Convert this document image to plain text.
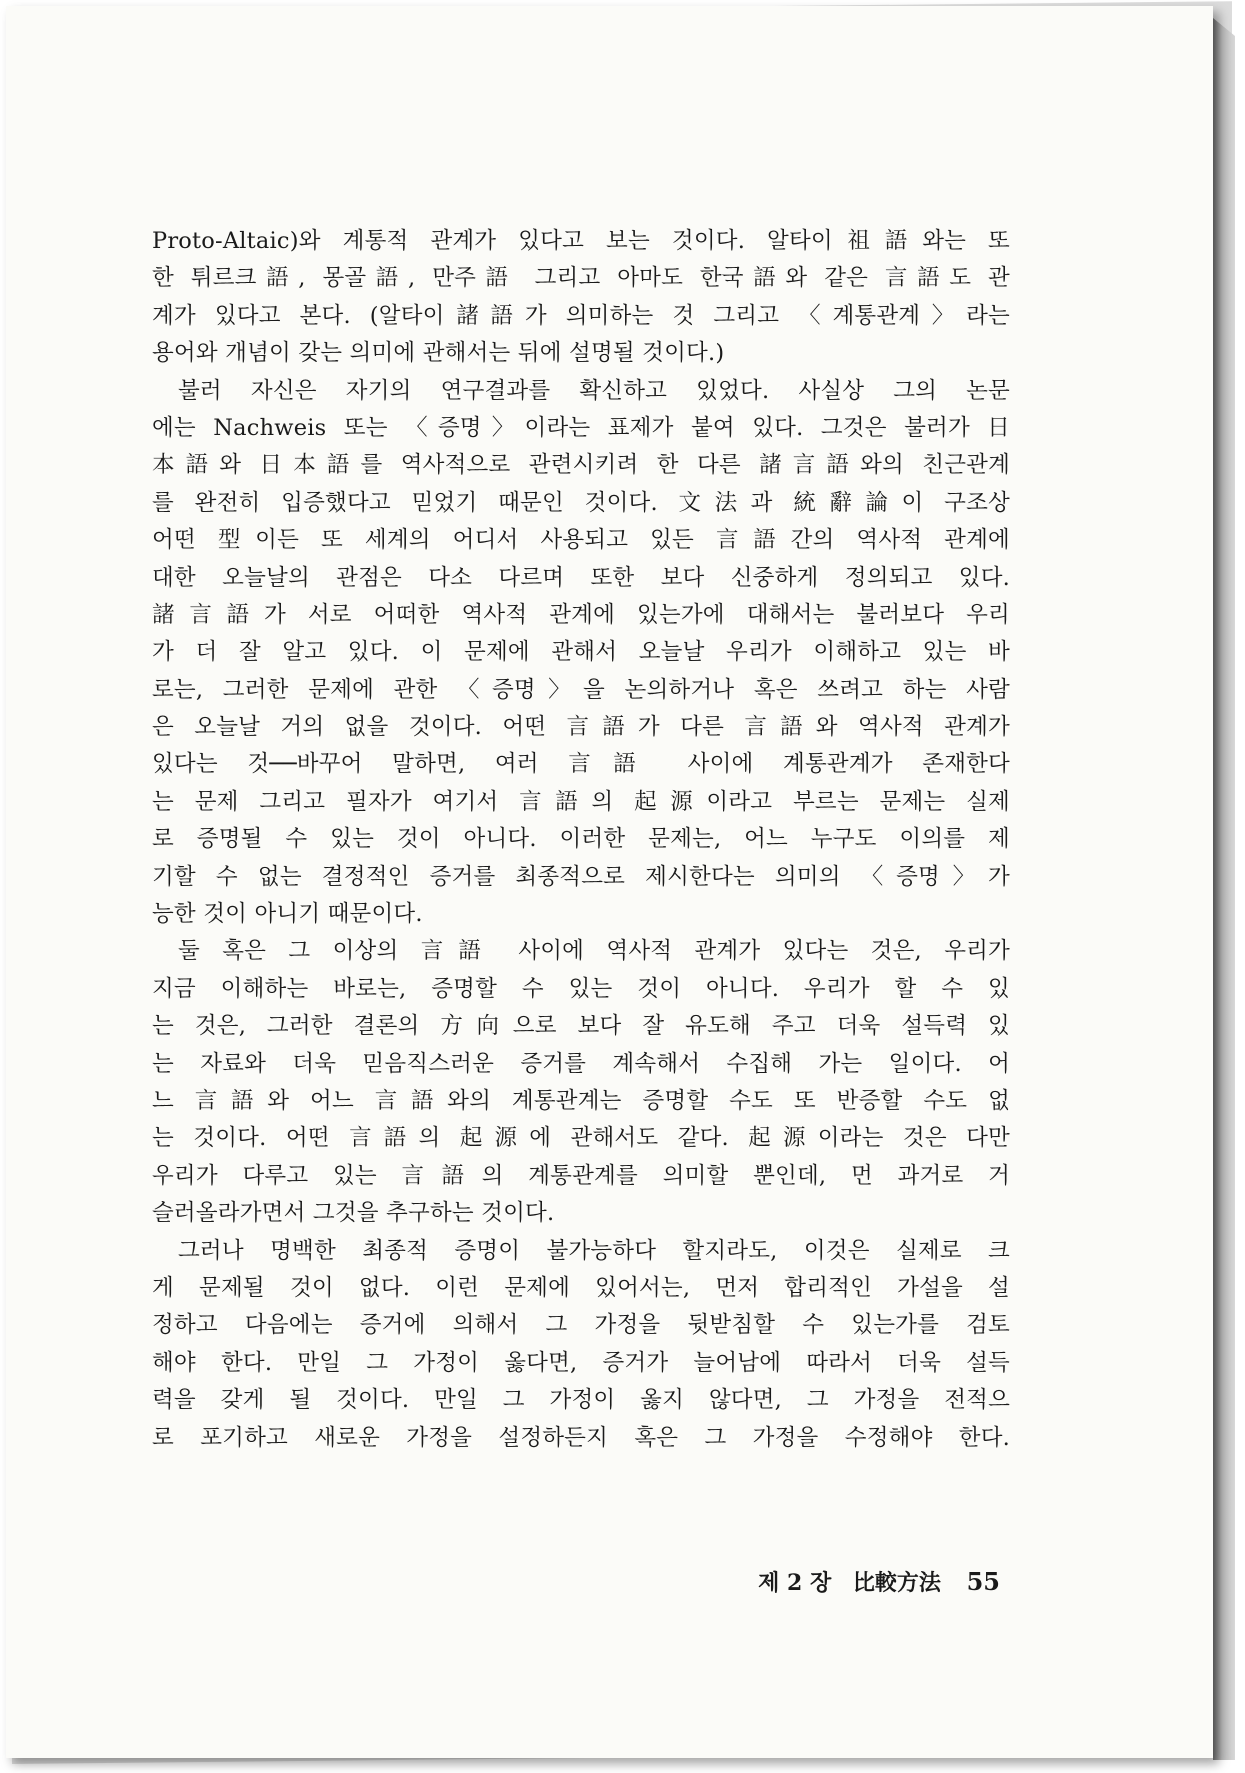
Proto-Altaic)와 계통적 관계가 있다고 보는 것이다. 알타이祖語와는 또
한 튀르크語, 몽골語, 만주語 그리고 아마도 한국語와 같은 言語도 관
계가 있다고 본다. (알타이諸語가 의미하는 것 그리고 〈계통관계〉라는
용어와 개념이 갖는 의미에 관해서는 뒤에 설명될 것이다.)
불러 자신은 자기의 연구결과를 확신하고 있었다. 사실상 그의 논문
에는 Nachweis 또는 〈증명〉이라는 표제가 붙여 있다. 그것은 불러가 日
本語와 日本語를 역사적으로 관련시키려 한 다른 諸言語와의 친근관계
를 완전히 입증했다고 믿었기 때문인 것이다. 文法과 統辭論이 구조상
어떤 型이든 또 세계의 어디서 사용되고 있든 言語간의 역사적 관계에
대한 오늘날의 관점은 다소 다르며 또한 보다 신중하게 정의되고 있다.
諸言語가 서로 어떠한 역사적 관계에 있는가에 대해서는 불러보다 우리
가 더 잘 알고 있다. 이 문제에 관해서 오늘날 우리가 이해하고 있는 바
로는, 그러한 문제에 관한 〈증명〉을 논의하거나 혹은 쓰려고 하는 사람
은 오늘날 거의 없을 것이다. 어떤 言語가 다른 言語와 역사적 관계가
있다는 것──바꾸어 말하면, 여러 言語 사이에 계통관계가 존재한다
는 문제 그리고 필자가 여기서 言語의 起源이라고 부르는 문제는 실제
로 증명될 수 있는 것이 아니다. 이러한 문제는, 어느 누구도 이의를 제
기할 수 없는 결정적인 증거를 최종적으로 제시한다는 의미의 〈증명〉가
능한 것이 아니기 때문이다.
둘 혹은 그 이상의 言語 사이에 역사적 관계가 있다는 것은, 우리가
지금 이해하는 바로는, 증명할 수 있는 것이 아니다. 우리가 할 수 있
는 것은, 그러한 결론의 方向으로 보다 잘 유도해 주고 더욱 설득력 있
는 자료와 더욱 믿음직스러운 증거를 계속해서 수집해 가는 일이다. 어
느 言語와 어느 言語와의 계통관계는 증명할 수도 또 반증할 수도 없
는 것이다. 어떤 言語의 起源에 관해서도 같다. 起源이라는 것은 다만
우리가 다루고 있는 言語의 계통관계를 의미할 뿐인데, 먼 과거로 거
슬러올라가면서 그것을 추구하는 것이다.
그러나 명백한 최종적 증명이 불가능하다 할지라도, 이것은 실제로 크
게 문제될 것이 없다. 이런 문제에 있어서는, 먼저 합리적인 가설을 설
정하고 다음에는 증거에 의해서 그 가정을 뒷받침할 수 있는가를 검토
해야 한다. 만일 그 가정이 옳다면, 증거가 늘어남에 따라서 더욱 설득
력을 갖게 될 것이다. 만일 그 가정이 옳지 않다면, 그 가정을 전적으
로 포기하고 새로운 가정을 설정하든지 혹은 그 가정을 수정해야 한다.
제 2 장 比較方法 55
